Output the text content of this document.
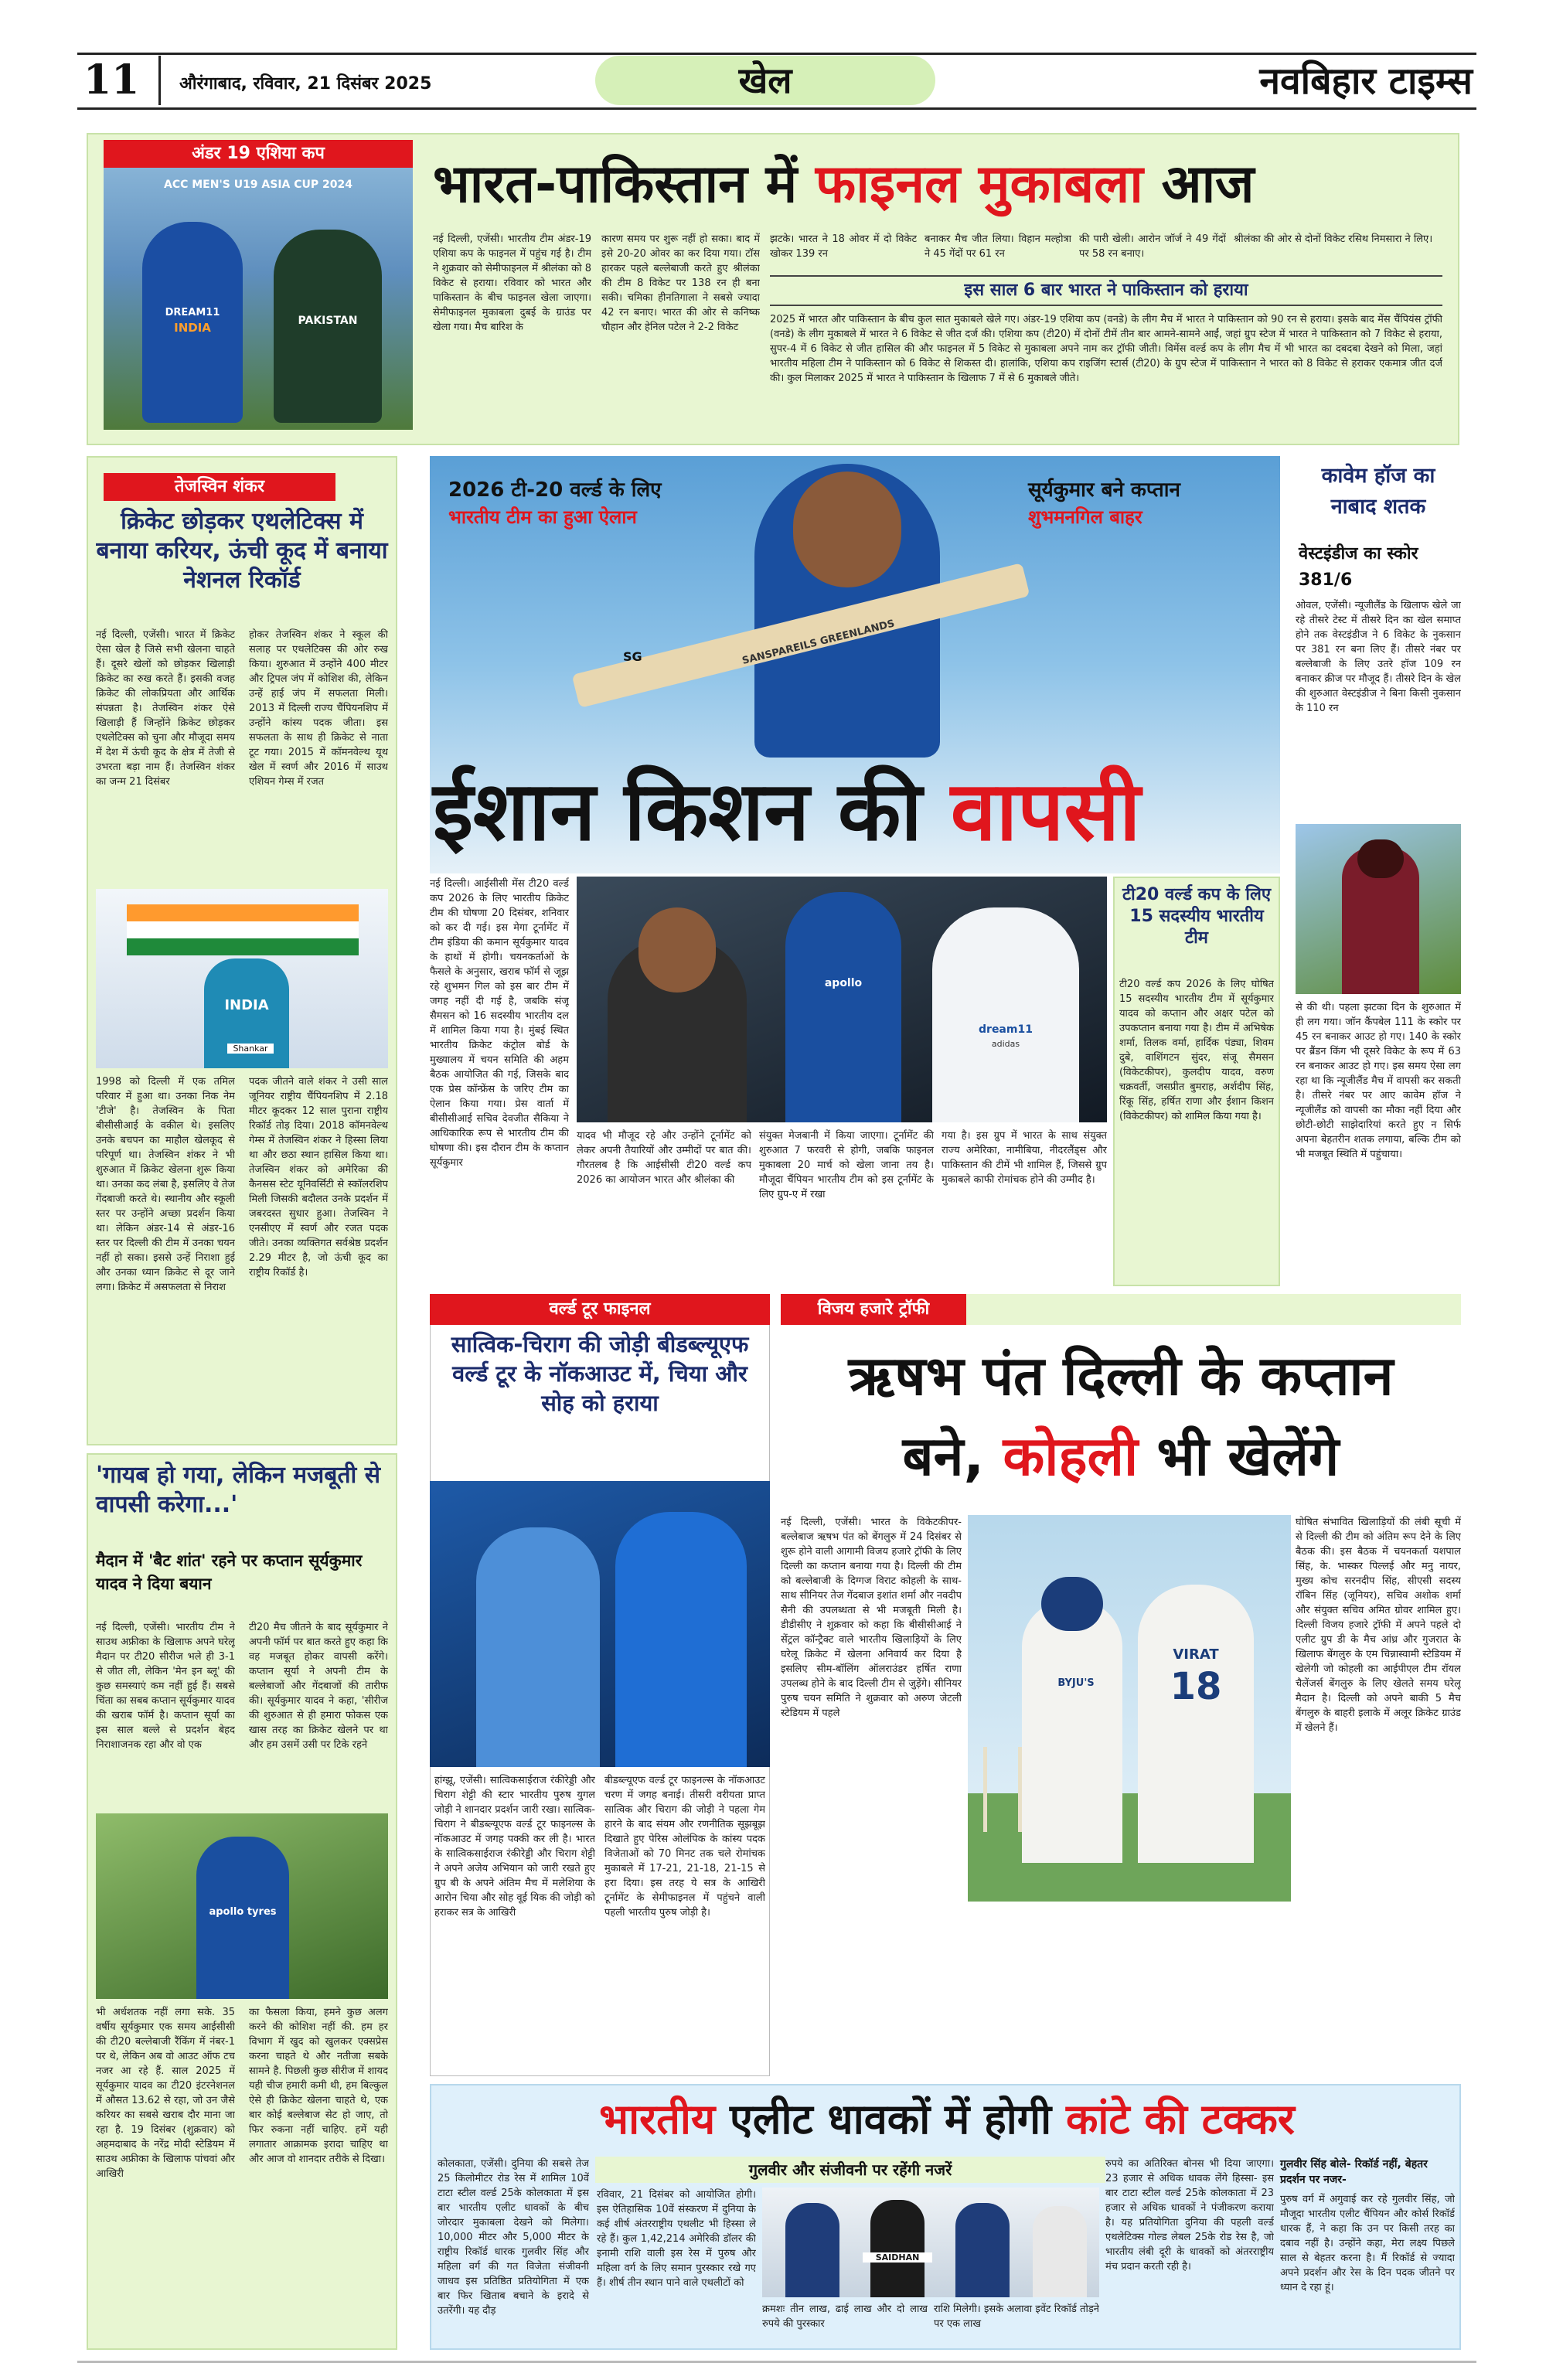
11	औरंगाबाद, रविवार, 21 दिसंबर 2025	खेल	नवबिहार टाइम्स
अंडर 19 एशिया कप
ACC MEN'S U19 ASIA CUP 2024
DREAM11
INDIA	PAKISTAN
भारत-पाकिस्तान में फाइनल मुकाबला आज
नई दिल्ली, एजेंसी। भारतीय टीम अंडर-19 एशिया कप के फाइनल में पहुंच गई है। टीम ने शुक्रवार को सेमीफाइनल में श्रीलंका को 8 विकेट से हराया। रविवार को भारत और पाकिस्तान के बीच फाइनल खेला जाएगा। सेमीफाइनल मुकाबला दुबई के ग्राउंड पर खेला गया। मैच बारिश के
कारण समय पर शुरू नहीं हो सका। बाद में इसे 20-20 ओवर का कर दिया गया। टॉस हारकर पहले बल्लेबाजी करते हुए श्रीलंका की टीम 8 विकेट पर 138 रन ही बना सकी। चमिका हीनतिगाला ने सबसे ज्यादा 42 रन बनाए। भारत की ओर से कनिष्क चौहान और हेनिल पटेल ने 2-2 विकेट
झटके। भारत ने 18 ओवर में दो विकेट खोकर 139 रन
बनाकर मैच जीत लिया। विहान मल्होत्रा ने 45 गेंदों पर 61 रन
की पारी खेली। आरोन जॉर्ज ने 49 गेंदों पर 58 रन बनाए।
श्रीलंका की ओर से दोनों विकेट रसिथ निमसारा ने लिए।
इस साल 6 बार भारत ने पाकिस्तान को हराया
2025 में भारत और पाकिस्तान के बीच कुल सात मुकाबले खेले गए। अंडर-19 एशिया कप (वनडे) के लीग मैच में भारत ने पाकिस्तान को 90 रन से हराया। इसके बाद मेंस चैंपियंस ट्रॉफी (वनडे) के लीग मुकाबले में भारत ने 6 विकेट से जीत दर्ज की। एशिया कप (टी20) में दोनों टीमें तीन बार आमने-सामने आईं, जहां ग्रुप स्टेज में भारत ने पाकिस्तान को 7 विकेट से हराया, सुपर-4 में 6 विकेट से जीत हासिल की और फाइनल में 5 विकेट से मुकाबला अपने नाम कर ट्रॉफी जीती। विमेंस वर्ल्ड कप के लीग मैच में भी भारत का दबदबा देखने को मिला, जहां भारतीय महिला टीम ने पाकिस्तान को 6 विकेट से शिकस्त दी। हालांकि, एशिया कप राइजिंग स्टार्स (टी20) के ग्रुप स्टेज में पाकिस्तान ने भारत को 8 विकेट से हराकर एकमात्र जीत दर्ज की। कुल मिलाकर 2025 में भारत ने पाकिस्तान के खिलाफ 7 में से 6 मुकाबले जीते।
तेजस्विन शंकर
क्रिकेट छोड़कर एथलेटिक्स में बनाया करियर, ऊंची कूद में बनाया नेशनल रिकॉर्ड
नई दिल्ली, एजेंसी। भारत में क्रिकेट ऐसा खेल है जिसे सभी खेलना चाहते हैं। दूसरे खेलों को छोड़कर खिलाड़ी क्रिकेट का रुख करते हैं। इसकी वजह क्रिकेट की लोकप्रियता और आर्थिक संपन्नता है। तेजस्विन शंकर ऐसे खिलाड़ी हैं जिन्होंने क्रिकेट छोड़कर एथलेटिक्स को चुना और मौजूदा समय में देश में ऊंची कूद के क्षेत्र में तेजी से उभरता बड़ा नाम हैं। तेजस्विन शंकर का जन्म 21 दिसंबर
होकर तेजस्विन शंकर ने स्कूल की सलाह पर एथलेटिक्स की ओर रुख किया। शुरुआत में उन्होंने 400 मीटर और ट्रिपल जंप में कोशिश की, लेकिन उन्हें हाई जंप में सफलता मिली। 2013 में दिल्ली राज्य चैंपियनशिप में उन्होंने कांस्य पदक जीता। इस सफलता के साथ ही क्रिकेट से नाता टूट गया। 2015 में कॉमनवेल्थ यूथ खेल में स्वर्ण और 2016 में साउथ एशियन गेम्स में रजत
INDIA
Shankar
1998 को दिल्ली में एक तमिल परिवार में हुआ था। उनका निक नेम 'टीजे' है। तेजस्विन के पिता बीसीसीआई के वकील थे। इसलिए उनके बचपन का माहौल खेलकूद से परिपूर्ण था। तेजस्विन शंकर ने भी शुरुआत में क्रिकेट खेलना शुरू किया था। उनका कद लंबा है, इसलिए वे तेज गेंदबाजी करते थे। स्थानीय और स्कूली स्तर पर उन्होंने अच्छा प्रदर्शन किया था। लेकिन अंडर-14 से अंडर-16 स्तर पर दिल्ली की टीम में उनका चयन नहीं हो सका। इससे उन्हें निराशा हुई और उनका ध्यान क्रिकेट से दूर जाने लगा। क्रिकेट में असफलता से निराश
पदक जीतने वाले शंकर ने उसी साल जूनियर राष्ट्रीय चैंपियनशिप में 2.18 मीटर कूदकर 12 साल पुराना राष्ट्रीय रिकॉर्ड तोड़ दिया। 2018 कॉमनवेल्थ गेम्स में तेजस्विन शंकर ने हिस्सा लिया था और छठा स्थान हासिल किया था। तेजस्विन शंकर को अमेरिका की कैनसस स्टेट यूनिवर्सिटी से स्कॉलरशिप मिली जिसकी बदौलत उनके प्रदर्शन में जबरदस्त सुधार हुआ। तेजस्विन ने एनसीएए में स्वर्ण और रजत पदक जीते। उनका व्यक्तिगत सर्वश्रेष्ठ प्रदर्शन 2.29 मीटर है, जो ऊंची कूद का राष्ट्रीय रिकॉर्ड है।
'गायब हो गया, लेकिन मजबूती से वापसी करेगा...'
मैदान में 'बैट शांत' रहने पर कप्तान सूर्यकुमार यादव ने दिया बयान
नई दिल्ली, एजेंसी। भारतीय टीम ने साउथ अफ्रीका के खिलाफ अपने घरेलू मैदान पर टी20 सीरीज भले ही 3-1 से जीत ली, लेकिन 'मेन इन ब्लू' की कुछ समस्याएं कम नहीं हुई हैं। सबसे चिंता का सबब कप्तान सूर्यकुमार यादव की खराब फॉर्म है। कप्तान सूर्या का इस साल बल्ले से प्रदर्शन बेहद निराशाजनक रहा और वो एक
टी20 मैच जीतने के बाद सूर्यकुमार ने अपनी फॉर्म पर बात करते हुए कहा कि वह मजबूत होकर वापसी करेंगे। कप्तान सूर्या ने अपनी टीम के बल्लेबाजों और गेंदबाजों की तारीफ की। सूर्यकुमार यादव ने कहा, 'सीरीज की शुरुआत से ही हमारा फोकस एक खास तरह का क्रिकेट खेलने पर था और हम उसमें उसी पर टिके रहने
apollo tyres
भी अर्धशतक नहीं लगा सके. 35 वर्षीय सूर्यकुमार एक समय आईसीसी की टी20 बल्लेबाजी रैंकिंग में नंबर-1 पर थे, लेकिन अब वो आउट ऑफ टच नजर आ रहे हैं. साल 2025 में सूर्यकुमार यादव का टी20 इंटरनेशनल में औसत 13.62 से रहा, जो उन जैसे करियर का सबसे खराब दौर माना जा रहा है. 19 दिसंबर (शुक्रवार) को अहमदाबाद के नरेंद्र मोदी स्टेडियम में साउथ अफ्रीका के खिलाफ पांचवां और आखिरी
का फैसला किया, हमने कुछ अलग करने की कोशिश नहीं की. हम हर विभाग में खुद को खुलकर एक्सप्रेस करना चाहते थे और नतीजा सबके सामने है. पिछली कुछ सीरीज में शायद यही चीज हमारी कमी थी, हम बिल्कुल ऐसे ही क्रिकेट खेलना चाहते थे, एक बार कोई बल्लेबाज सेट हो जाए, तो फिर रुकना नहीं चाहिए. हमें यही लगातार आक्रामक इरादा चाहिए था और आज वो शानदार तरीके से दिखा।
SANSPAREILS GREENLANDS
SG
2026 टी-20 वर्ल्ड के लिए
भारतीय टीम का हुआ ऐलान
सूर्यकुमार बने कप्तान
शुभमनगिल बाहर
ईशान किशन की वापसी
नई दिल्ली। आईसीसी मेंस टी20 वर्ल्ड कप 2026 के लिए भारतीय क्रिकेट टीम की घोषणा 20 दिसंबर, शनिवार को कर दी गई। इस मेगा टूर्नामेंट में टीम इंडिया की कमान सूर्यकुमार यादव के हाथों में होगी। चयनकर्ताओं के फैसले के अनुसार, खराब फॉर्म से जूझ रहे शुभमन गिल को इस बार टीम में जगह नहीं दी गई है, जबकि संजू सैमसन को 16 सदस्यीय भारतीय दल में शामिल किया गया है। मुंबई स्थित भारतीय क्रिकेट कंट्रोल बोर्ड के मुख्यालय में चयन समिति की अहम बैठक आयोजित की गई, जिसके बाद एक प्रेस कॉन्फ्रेंस के जरिए टीम का ऐलान किया गया। प्रेस वार्ता में बीसीसीआई सचिव देवजीत सैकिया ने आधिकारिक रूप से भारतीय टीम की घोषणा की। इस दौरान टीम के कप्तान सूर्यकुमार
apollo
dream11
adidas
यादव भी मौजूद रहे और उन्होंने टूर्नामेंट को लेकर अपनी तैयारियों और उम्मीदों पर बात की। गौरतलब है कि आईसीसी टी20 वर्ल्ड कप 2026 का आयोजन भारत और श्रीलंका की
संयुक्त मेजबानी में किया जाएगा। टूर्नामेंट की शुरुआत 7 फरवरी से होगी, जबकि फाइनल मुकाबला 20 मार्च को खेला जाना तय है। मौजूदा चैंपियन भारतीय टीम को इस टूर्नामेंट के लिए ग्रुप-ए में रखा
गया है। इस ग्रुप में भारत के साथ संयुक्त राज्य अमेरिका, नामीबिया, नीदरलैंड्स और पाकिस्तान की टीमें भी शामिल हैं, जिससे ग्रुप मुकाबले काफी रोमांचक होने की उम्मीद है।
टी20 वर्ल्ड कप के लिए 15 सदस्यीय भारतीय टीम
टी20 वर्ल्ड कप 2026 के लिए घोषित 15 सदस्यीय भारतीय टीम में सूर्यकुमार यादव को कप्तान और अक्षर पटेल को उपकप्तान बनाया गया है। टीम में अभिषेक शर्मा, तिलक वर्मा, हार्दिक पंड्या, शिवम दुबे, वाशिंगटन सुंदर, संजू सैमसन (विकेटकीपर), कुलदीप यादव, वरुण चक्रवर्ती, जसप्रीत बुमराह, अर्शदीप सिंह, रिंकू सिंह, हर्षित राणा और ईशान किशन (विकेटकीपर) को शामिल किया गया है।
कावेम हॉज का नाबाद शतक
वेस्टइंडीज का स्कोर 381/6
ओवल, एजेंसी। न्यूजीलैंड के खिलाफ खेले जा रहे तीसरे टेस्ट में तीसरे दिन का खेल समाप्त होने तक वेस्टइंडीज ने 6 विकेट के नुकसान पर 381 रन बना लिए हैं। तीसरे नंबर पर बल्लेबाजी के लिए उतरे हॉज 109 रन बनाकर क्रीज पर मौजूद हैं। तीसरे दिन के खेल की शुरुआत वेस्टइंडीज ने बिना किसी नुकसान के 110 रन
से की थी। पहला झटका दिन के शुरुआत में ही लग गया। जॉन कैंपबेल 111 के स्कोर पर 45 रन बनाकर आउट हो गए। 140 के स्कोर पर ब्रैंडन किंग भी दूसरे विकेट के रूप में 63 रन बनाकर आउट हो गए। इस समय ऐसा लग रहा था कि न्यूजीलैंड मैच में वापसी कर सकती है। तीसरे नंबर पर आए कावेम हॉज ने न्यूजीलैंड को वापसी का मौका नहीं दिया और छोटी-छोटी साझेदारियां करते हुए न सिर्फ अपना बेहतरीन शतक लगाया, बल्कि टीम को भी मजबूत स्थिति में पहुंचाया।
वर्ल्ड टूर फाइनल
सात्विक-चिराग की जोड़ी बीडब्ल्यूएफ वर्ल्ड टूर के नॉकआउट में, चिया और सोह को हराया
हांग्झू, एजेंसी। सात्विकसाईराज रंकीरेड्डी और चिराग शेट्टी की स्टार भारतीय पुरुष युगल जोड़ी ने शानदार प्रदर्शन जारी रखा। सात्विक-चिराग ने बीडब्ल्यूएफ वर्ल्ड टूर फाइनल्स के नॉकआउट में जगह पक्की कर ली है। भारत के सात्विकसाईराज रंकीरेड्डी और चिराग शेट्टी ने अपने अजेय अभियान को जारी रखते हुए ग्रुप बी के अपने अंतिम मैच में मलेशिया के आरोन चिया और सोह वूई यिक की जोड़ी को हराकर सत्र के आखिरी
बीडब्ल्यूएफ वर्ल्ड टूर फाइनल्स के नॉकआउट चरण में जगह बनाई। तीसरी वरीयता प्राप्त सात्विक और चिराग की जोड़ी ने पहला गेम हारने के बाद संयम और रणनीतिक सूझबूझ दिखाते हुए पेरिस ओलंपिक के कांस्य पदक विजेताओं को 70 मिनट तक चले रोमांचक मुकाबले में 17-21, 21-18, 21-15 से हरा दिया। इस तरह ये सत्र के आखिरी टूर्नामेंट के सेमीफाइनल में पहुंचने वाली पहली भारतीय पुरुष जोड़ी है।
विजय हजारे ट्रॉफी
ऋषभ पंत दिल्ली के कप्तान
बने, कोहली भी खेलेंगे
नई दिल्ली, एजेंसी। भारत के विकेटकीपर-बल्लेबाज ऋषभ पंत को बेंगलुरु में 24 दिसंबर से शुरू होने वाली आगामी विजय हजारे ट्रॉफी के लिए दिल्ली का कप्तान बनाया गया है। दिल्ली की टीम को बल्लेबाजी के दिग्गज विराट कोहली के साथ-साथ सीनियर तेज गेंदबाज इशांत शर्मा और नवदीप सैनी की उपलब्धता से भी मजबूती मिली है। डीडीसीए ने शुक्रवार को कहा कि बीसीसीआई ने सेंट्रल कॉन्ट्रैक्ट वाले भारतीय खिलाड़ियों के लिए घरेलू क्रिकेट में खेलना अनिवार्य कर दिया है इसलिए सीम-बॉलिंग ऑलराउंडर हर्षित राणा उपलब्ध होने के बाद दिल्ली टीम से जुड़ेंगे। सीनियर पुरुष चयन समिति ने शुक्रवार को अरुण जेटली स्टेडियम में पहले
VIRAT
18
BYJU'S
घोषित संभावित खिलाड़ियों की लंबी सूची में से दिल्ली की टीम को अंतिम रूप देने के लिए बैठक की। इस बैठक में चयनकर्ता यशपाल सिंह, के. भास्कर पिल्लई और मनु नायर, मुख्य कोच सरनदीप सिंह, सीएसी सदस्य रॉबिन सिंह (जूनियर), सचिव अशोक शर्मा और संयुक्त सचिव अमित ग्रोवर शामिल हुए। दिल्ली विजय हजारे ट्रॉफी में अपने पहले दो एलीट ग्रुप डी के मैच आंध्र और गुजरात के खिलाफ बेंगलुरु के एम चिन्नास्वामी स्टेडियम में खेलेगी जो कोहली का आईपीएल टीम रॉयल चैलेंजर्स बेंगलुरु के लिए खेलते समय घरेलू मैदान है। दिल्ली को अपने बाकी 5 मैच बेंगलुरु के बाहरी इलाके में अलूर क्रिकेट ग्राउंड में खेलने हैं।
भारतीय एलीट धावकों में होगी कांटे की टक्कर
गुलवीर और संजीवनी पर रहेंगी नजरें
कोलकाता, एजेंसी। दुनिया की सबसे तेज 25 किलोमीटर रोड रेस में शामिल 10वें टाटा स्टील वर्ल्ड 25के कोलकाता में इस बार भारतीय एलीट धावकों के बीच जोरदार मुकाबला देखने को मिलेगा। 10,000 मीटर और 5,000 मीटर के राष्ट्रीय रिकॉर्ड धारक गुलवीर सिंह और महिला वर्ग की गत विजेता संजीवनी जाधव इस प्रतिष्ठित प्रतियोगिता में एक बार फिर खिताब बचाने के इरादे से उतरेंगी। यह दौड़
रविवार, 21 दिसंबर को आयोजित होगी। इस ऐतिहासिक 10वें संस्करण में दुनिया के कई शीर्ष अंतरराष्ट्रीय एथलीट भी हिस्सा ले रहे हैं। कुल 1,42,214 अमेरिकी डॉलर की इनामी राशि वाली इस रेस में पुरुष और महिला वर्ग के लिए समान पुरस्कार रखे गए हैं। शीर्ष तीन स्थान पाने वाले एथलीटों को
SAIDHAN
क्रमशः तीन लाख, ढाई लाख और दो लाख रुपये की पुरस्कार
राशि मिलेगी। इसके अलावा इवेंट रिकॉर्ड तोड़ने पर एक लाख
रुपये का अतिरिक्त बोनस भी दिया जाएगा। 23 हजार से अधिक धावक लेंगे हिस्सा- इस बार टाटा स्टील वर्ल्ड 25के कोलकाता में 23 हजार से अधिक धावकों ने पंजीकरण कराया है। यह प्रतियोगिता दुनिया की पहली वर्ल्ड एथलेटिक्स गोल्ड लेबल 25के रोड रेस है, जो भारतीय लंबी दूरी के धावकों को अंतरराष्ट्रीय मंच प्रदान करती रही है।
गुलवीर सिंह बोले- रिकॉर्ड नहीं, बेहतर प्रदर्शन पर नजर-
पुरुष वर्ग में अगुवाई कर रहे गुलवीर सिंह, जो मौजूदा भारतीय एलीट चैंपियन और कोर्स रिकॉर्ड धारक हैं, ने कहा कि उन पर किसी तरह का दबाव नहीं है। उन्होंने कहा, मेरा लक्ष्य पिछले साल से बेहतर करना है। मैं रिकॉर्ड से ज्यादा अपने प्रदर्शन और रेस के दिन पदक जीतने पर ध्यान दे रहा हूं।
